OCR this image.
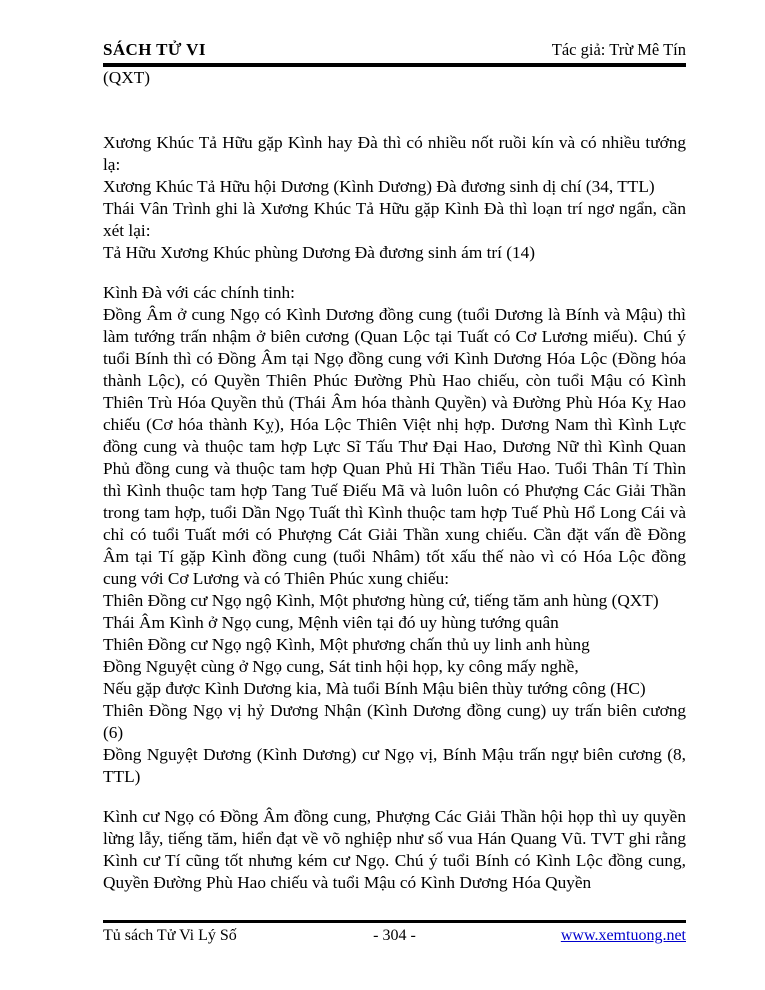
SÁCH TỬ VI	Tác giả: Trừ Mê Tín

(QXT)

Xương Khúc Tả Hữu gặp Kình hay Đà thì có nhiều nốt ruồi kín và có nhiều tướng lạ:

Xương Khúc Tả Hữu hội Dương (Kình Dương) Đà đương sinh dị chí (34, TTL)

Thái Vân Trình ghi là Xương Khúc Tả Hữu gặp Kình Đà thì loạn trí ngơ ngẩn, cần xét lại:

Tả Hữu Xương Khúc phùng Dương Đà đương sinh ám trí (14)

Kình Đà với các chính tinh:

Đồng Âm ở cung Ngọ có Kình Dương đồng cung (tuổi Dương là Bính và Mậu) thì làm tướng trấn nhậm ở biên cương (Quan Lộc tại Tuất có Cơ Lương miếu). Chú ý tuổi Bính thì có Đồng Âm tại Ngọ đồng cung với Kình Dương Hóa Lộc (Đồng hóa thành Lộc), có Quyền Thiên Phúc Đường Phù Hao chiếu, còn tuổi Mậu có Kình Thiên Trù Hóa Quyền thủ (Thái Âm hóa thành Quyền) và Đường Phù Hóa Kỵ Hao chiếu (Cơ hóa thành Kỵ), Hóa Lộc Thiên Việt nhị hợp. Dương Nam thì Kình Lực đồng cung và thuộc tam hợp Lực Sĩ Tấu Thư Đại Hao, Dương Nữ thì Kình Quan Phủ đồng cung và thuộc tam hợp Quan Phủ Hỉ Thần Tiểu Hao. Tuổi Thân Tí Thìn thì Kình thuộc tam hợp Tang Tuế Điếu Mã và luôn luôn có Phượng Các Giải Thần trong tam hợp, tuổi Dần Ngọ Tuất thì Kình thuộc tam hợp Tuế Phù Hổ Long Cái và chỉ có tuổi Tuất mới có Phượng Cát Giải Thần xung chiếu. Cần đặt vấn đề Đồng Âm tại Tí gặp Kình đồng cung (tuổi Nhâm) tốt xấu thế nào vì có Hóa Lộc đồng cung với Cơ Lương và có Thiên Phúc xung chiếu:

Thiên Đồng cư Ngọ ngộ Kình, Một phương hùng cứ, tiếng tăm anh hùng (QXT)

Thái Âm Kình ở Ngọ cung, Mệnh viên tại đó uy hùng tướng quân

Thiên Đồng cư Ngọ ngộ Kình, Một phương chấn thủ uy linh anh hùng

Đồng Nguyệt cùng ở Ngọ cung, Sát tinh hội họp, ky công mấy nghề,

Nếu gặp được Kình Dương kia, Mà tuổi Bính Mậu biên thùy tướng công (HC)

Thiên Đồng Ngọ vị hỷ Dương Nhận (Kình Dương đồng cung) uy trấn biên cương (6)

Đồng Nguyệt Dương (Kình Dương) cư Ngọ vị, Bính Mậu trấn ngự biên cương (8, TTL)

Kình cư Ngọ có Đồng Âm đồng cung, Phượng Các Giải Thần hội họp thì uy quyền lừng lẫy, tiếng tăm, hiển đạt về võ nghiệp như số vua Hán Quang Vũ. TVT ghi rằng Kình cư Tí cũng tốt nhưng kém cư Ngọ. Chú ý tuổi Bính có Kình Lộc đồng cung, Quyền Đường Phù Hao chiếu và tuổi Mậu có Kình Dương Hóa Quyền

Tủ sách Tử Vi Lý Số	- 304 -	www.xemtuong.net
